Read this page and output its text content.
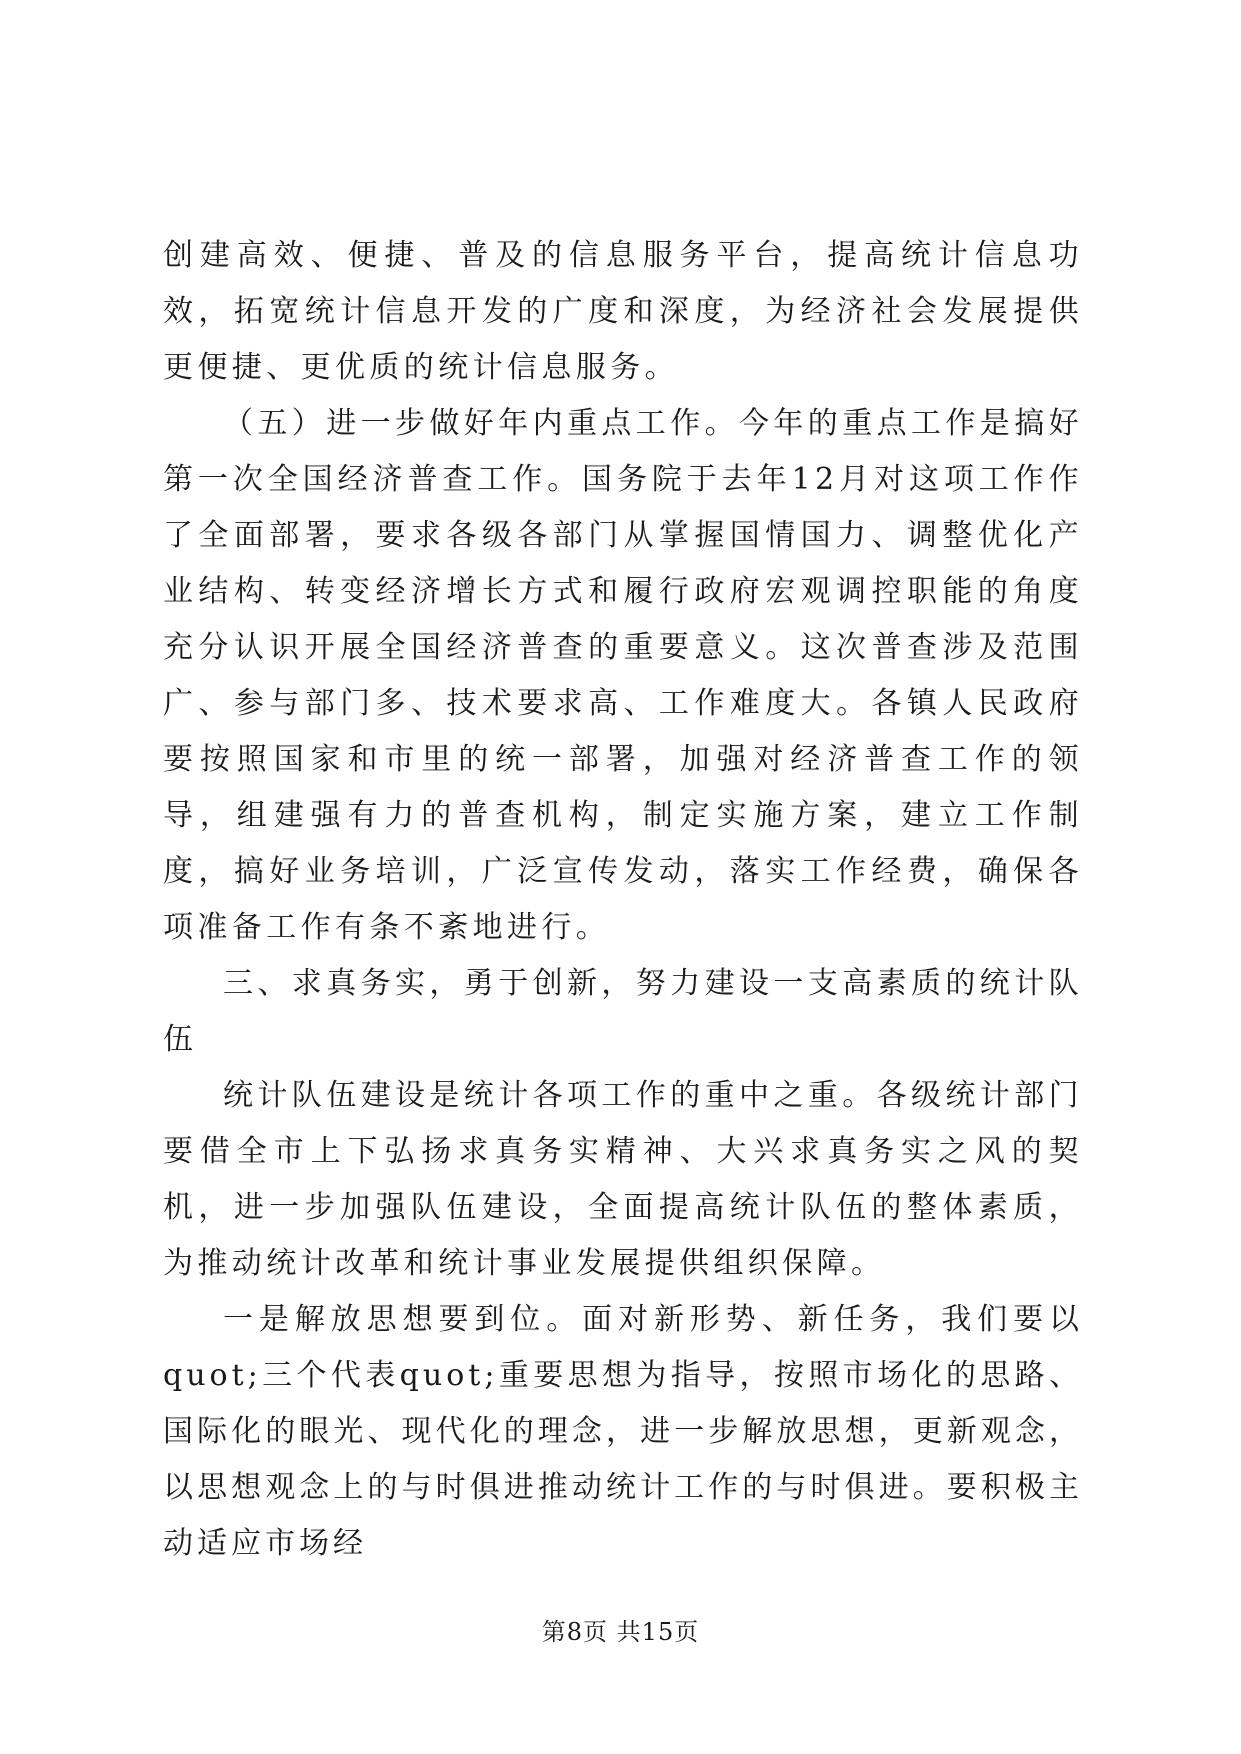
创建高效、便捷、普及的信息服务平台，提高统计信息功效，拓宽统计信息开发的广度和深度，为经济社会发展提供更便捷、更优质的统计信息服务。

（五）进一步做好年内重点工作。今年的重点工作是搞好第一次全国经济普查工作。国务院于去年12月对这项工作作了全面部署，要求各级各部门从掌握国情国力、调整优化产业结构、转变经济增长方式和履行政府宏观调控职能的角度充分认识开展全国经济普查的重要意义。这次普查涉及范围广、参与部门多、技术要求高、工作难度大。各镇人民政府要按照国家和市里的统一部署，加强对经济普查工作的领导，组建强有力的普查机构，制定实施方案，建立工作制度，搞好业务培训，广泛宣传发动，落实工作经费，确保各项准备工作有条不紊地进行。

三、求真务实，勇于创新，努力建设一支高素质的统计队伍

统计队伍建设是统计各项工作的重中之重。各级统计部门要借全市上下弘扬求真务实精神、大兴求真务实之风的契机，进一步加强队伍建设，全面提高统计队伍的整体素质，为推动统计改革和统计事业发展提供组织保障。

一是解放思想要到位。面对新形势、新任务，我们要以quot;三个代表quot;重要思想为指导，按照市场化的思路、国际化的眼光、现代化的理念，进一步解放思想，更新观念，以思想观念上的与时俱进推动统计工作的与时俱进。要积极主动适应市场经

第8页 共15页
